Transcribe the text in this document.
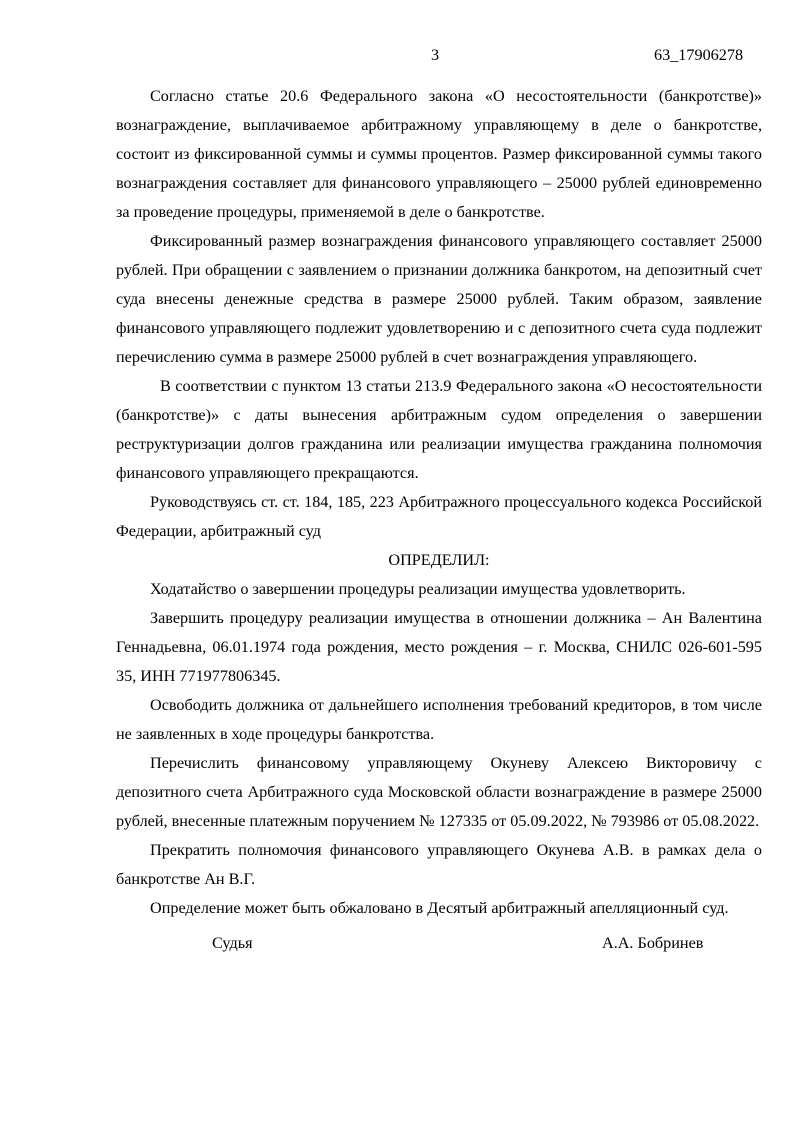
3	63_17906278

Согласно статье 20.6 Федерального закона «О несостоятельности (банкротстве)» вознаграждение, выплачиваемое арбитражному управляющему в деле о банкротстве, состоит из фиксированной суммы и суммы процентов. Размер фиксированной суммы такого вознаграждения составляет для финансового управляющего – 25000 рублей единовременно за проведение процедуры, применяемой в деле о банкротстве.

Фиксированный размер вознаграждения финансового управляющего составляет 25000 рублей. При обращении с заявлением о признании должника банкротом, на депозитный счет суда внесены денежные средства в размере 25000 рублей. Таким образом, заявление финансового управляющего подлежит удовлетворению и с депозитного счета суда подлежит перечислению сумма в размере 25000 рублей в счет вознаграждения управляющего.

В соответствии с пунктом 13 статьи 213.9 Федерального закона «О несостоятельности (банкротстве)» с даты вынесения арбитражным судом определения о завершении реструктуризации долгов гражданина или реализации имущества гражданина полномочия финансового управляющего прекращаются.

Руководствуясь ст. ст. 184, 185, 223 Арбитражного процессуального кодекса Российской Федерации, арбитражный суд

ОПРЕДЕЛИЛ:

Ходатайство о завершении процедуры реализации имущества удовлетворить.

Завершить процедуру реализации имущества в отношении должника – Ан Валентина Геннадьевна, 06.01.1974 года рождения, место рождения – г. Москва, СНИЛС 026-601-595 35, ИНН 771977806345.

Освободить должника от дальнейшего исполнения требований кредиторов, в том числе не заявленных в ходе процедуры банкротства.

Перечислить финансовому управляющему Окуневу Алексею Викторовичу с депозитного счета Арбитражного суда Московской области вознаграждение в размере 25000 рублей, внесенные платежным поручением № 127335 от 05.09.2022, № 793986 от 05.08.2022.

Прекратить полномочия финансового управляющего Окунева А.В. в рамках дела о банкротстве Ан В.Г.

Определение может быть обжаловано в Десятый арбитражный апелляционный суд.

Судья	А.А. Бобринев
